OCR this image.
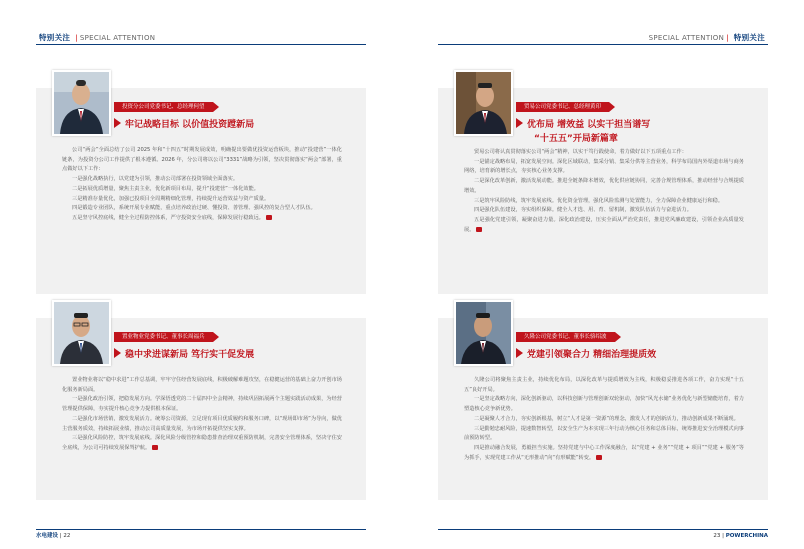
特别关注 | SPECIAL ATTENTION
投资分公司党委书记、总经理何望
牢记战略目标 以价值投资蹚新局

公司“两会”全面总结了公司 2025 年和“十四五”时期发展成效，明确提出要做优投资运营板块，推动“投建营”一体化链条，为投资分公司工作提供了根本遵循。2026 年，分公司将以公司“3331”战略为引领，坚决贯彻落实“两会”部署，重点做好以下工作：

一是强化战略执行，以党建为引领，推动公司部署在投资领域全面落实。

二是拓展优质增量，聚焦主责主业，优化新项目布局，提升“投建营”一体化效能。

三是精准存量优化，加强已投项目全周期精细化管理，持续提升运营效益与资产质量。

四是锻造专业团队，系统开展专业赋能，重点培养政治过硬、懂投资、善管理、强风控的复合型人才队伍。

五是坚守风控底线，健全全过程防控体系，严守投资安全底线，保障发展行稳致远。

置业物业党委书记、董事长周福兵
稳中求进谋新局 笃行实干促发展

置业物业将以“稳中求进”工作总基调，牢牢守住经营发展底线，积极破解难题攻坚，在稳健运营的基础上奋力开创市场化服务新局面。

一是强化政治引领，把稳发展方向。学深悟透党的二十届四中全会精神，持续巩固拓展两个主题实践活动成果，为经营管理提供保障，夯实提升核心竞争力提供根本保证。

二是强化市场营销，激发发展活力。统筹公司资源，立足现有项目优质履约和服务口碑，以“现场即市场”为导向，做优主营服务质效，持续拓展业绩，推动公司高质量发展，为市场开拓提供坚实支撑。

三是强化风险防控，筑牢发展底线。深化风险分级管控和隐患排查治理双重预防机制，完善安全管理体系，坚决守住安全底线，为公司可持续发展保驾护航。

水电建设 | 22
SPECIAL ATTENTION | 特别关注
贸易公司党委书记、总经理黄印
优布局 增效益 以实干担当谱写
“十五五”开局新篇章

贸易公司将认真贯彻落实公司“两会”精神，以实干笃行践使命，着力做好以下五项重点工作：

一是锚定战略布局，拓宽发展空间。深化区域联动，集采分销、集采分供等主营业务，科学布局国内外渠道市场与商务网络，培育新的增长点，夯实核心业务支撑。

二是深化改革创新，激活发展动能。推进全链条降本增效，优化供应链协同，完善合规管理体系，推动经营与合规提质增效。

三是筑牢风险防线，筑牢发展底线。优化资金管理，强化风险监测与处置能力，全力保障企业健康运行和稳。

四是强化队伍建设，夯实组织保障。健全人才选、用、育、留机制，激发队伍活力与奋进活力。

五是强化党建引领，凝聚奋进力量。深化政治建设，压实全面从严治党责任，推进党风廉政建设，引领企业高质量发展。

久隆公司党委书记、董事长骆绍波
党建引领聚合力 精细治理提质效

久隆公司将聚焦主责主业，持续优化布局，以深化改革与提质增效为主线，积极稳妥推进各项工作，奋力实现“十五五”良好开局。

一是坚定战略方向，深化创新驱动，以科技创新与管理创新双轮驱动，加快“风光水储”业务优化与新型储能培育，着力塑造核心竞争新优势。

二是凝聚人才合力，夯实创新根基，树立“人才是第一资源”的理念，激发人才的创新活力，推动创新成果不断涌现。

三是勤勉忠耐风险，提速数智转型，以安全生产为本实现三年行动为核心任务和总体目标，统筹推进安全治理模式向事前预防转型。

四是推动融合发展，勇毅担当实施。坚持党建与中心工作深度融合，以“党建 + 业务”“党建 + 项目”“党建 + 服务”等为抓手，实现党建工作从“无形推动”向“有形赋能”转变。

23 | POWERCHINA
